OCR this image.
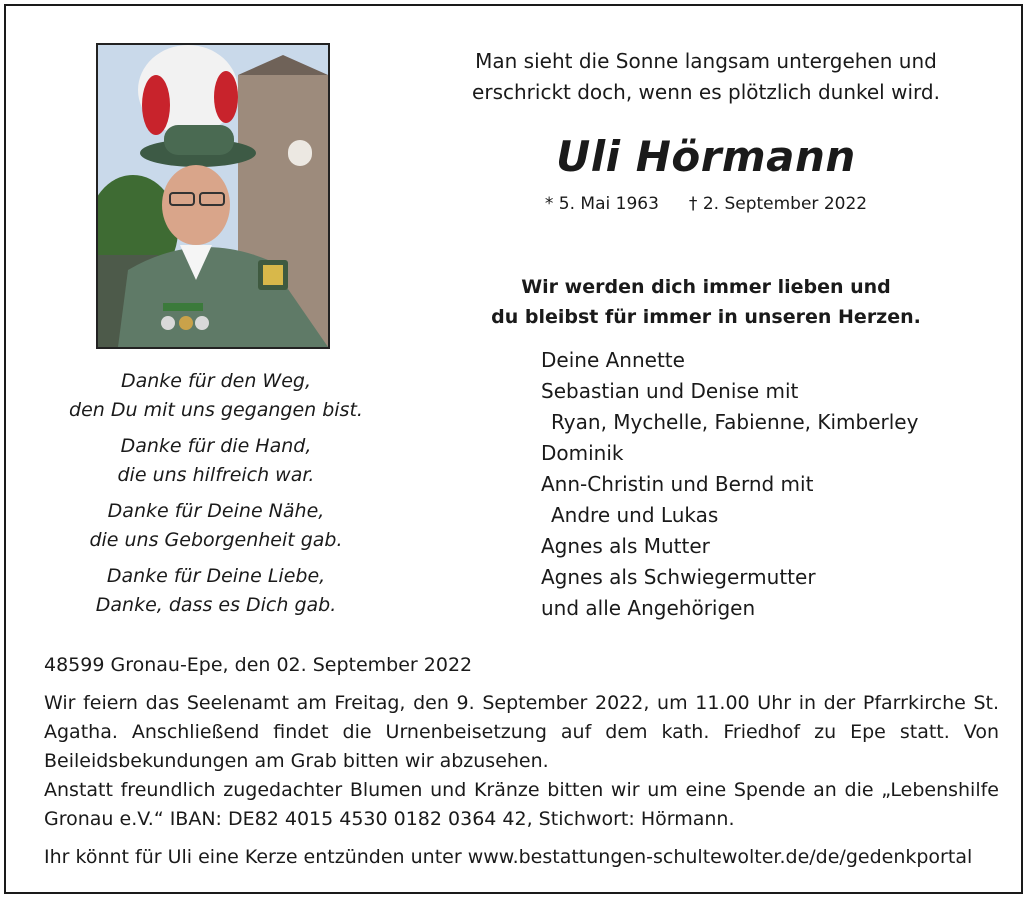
Man sieht die Sonne langsam untergehen und
erschrickt doch, wenn es plötzlich dunkel wird.
Uli Hörmann
* 5. Mai 1963 † 2. September 2022
Wir werden dich immer lieben und
du bleibst für immer in unseren Herzen.
Deine Annette
Sebastian und Denise mit
Ryan, Mychelle, Fabienne, Kimberley
Dominik
Ann-Christin und Bernd mit
Andre und Lukas
Agnes als Mutter
Agnes als Schwiegermutter
und alle Angehörigen
Danke für den Weg,
den Du mit uns gegangen bist.
Danke für die Hand,
die uns hilfreich war.
Danke für Deine Nähe,
die uns Geborgenheit gab.
Danke für Deine Liebe,
Danke, dass es Dich gab.
48599 Gronau-Epe, den 02. September 2022
Wir feiern das Seelenamt am Freitag, den 9. September 2022, um 11.00 Uhr in der Pfarrkirche St. Agatha. Anschließend findet die Urnenbeisetzung auf dem kath. Friedhof zu Epe statt. Von Beileidsbekundungen am Grab bitten wir abzusehen.
Anstatt freundlich zugedachter Blumen und Kränze bitten wir um eine Spende an die „Lebenshilfe Gronau e.V.“ IBAN: DE82 4015 4530 0182 0364 42, Stichwort: Hörmann.
Ihr könnt für Uli eine Kerze entzünden unter www.bestattungen-schultewolter.de/de/gedenkportal
